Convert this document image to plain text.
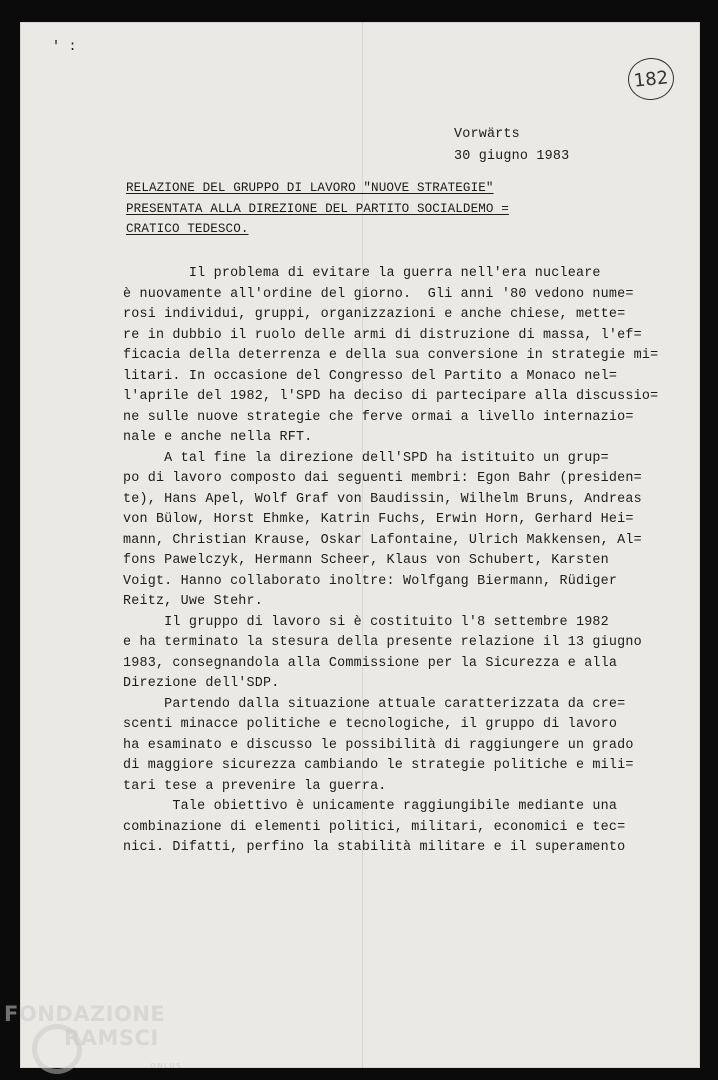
' :
182
Vorwärts
30 giugno 1983
RELAZIONE DEL GRUPPO DI LAVORO "NUOVE STRATEGIE"
PRESENTATA ALLA DIREZIONE DEL PARTITO SOCIALDEMO =
CRATICO TEDESCO.
Il problema di evitare la guerra nell'era nucleare
è nuovamente all'ordine del giorno.  Gli anni '80 vedono nume=
rosi individui, gruppi, organizzazioni e anche chiese, mette=
re in dubbio il ruolo delle armi di distruzione di massa, l'ef=
ficacia della deterrenza e della sua conversione in strategie mi=
litari. In occasione del Congresso del Partito a Monaco nel=
l'aprile del 1982, l'SPD ha deciso di partecipare alla discussio=
ne sulle nuove strategie che ferve ormai a livello internazio=
nale e anche nella RFT.
A tal fine la direzione dell'SPD ha istituito un grup=
po di lavoro composto dai seguenti membri: Egon Bahr (presiden=
te), Hans Apel, Wolf Graf von Baudissin, Wilhelm Bruns, Andreas
von Bülow, Horst Ehmke, Katrin Fuchs, Erwin Horn, Gerhard Hei=
mann, Christian Krause, Oskar Lafontaine, Ulrich Makkensen, Al=
fons Pawelczyk, Hermann Scheer, Klaus von Schubert, Karsten
Voigt. Hanno collaborato inoltre: Wolfgang Biermann, Rüdiger
Reitz, Uwe Stehr.
Il gruppo di lavoro si è costituito l'8 settembre 1982
e ha terminato la stesura della presente relazione il 13 giugno
1983, consegnandola alla Commissione per la Sicurezza e alla
Direzione dell'SDP.
Partendo dalla situazione attuale caratterizzata da cre=
scenti minacce politiche e tecnologiche, il gruppo di lavoro
ha esaminato e discusso le possibilità di raggiungere un grado
di maggiore sicurezza cambiando le strategie politiche e mili=
tari tese a prevenire la guerra.
Tale obiettivo è unicamente raggiungibile mediante una
combinazione di elementi politici, militari, economici e tec=
nici. Difatti, perfino la stabilità militare e il superamento
FONDAZIONE
RAMSCI
ONLUS
